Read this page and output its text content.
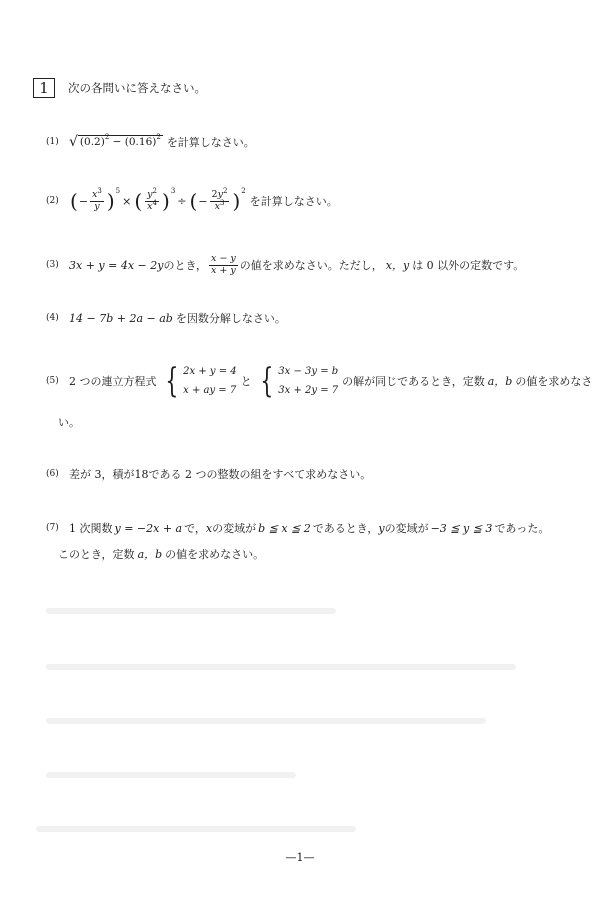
1	次の各問いに答えなさい。
(1) √ $(0.2)^2 - (0.16)^2$ を計算しなさい。
(2) ( − $\frac{x^3}{y}$ ) 5
× ( $\frac{y^2}{x^4}$ ) 3
÷ ( − $\frac{2y^2}{x^3}$ ) 2
を計算しなさい。
(3) 3x + y = 4x − 2y のとき， $\frac{x - y}{x + y}$ の値を求めなさい。ただし， x，y は 0 以外の定数です。
(4) 14 − 7b + 2a − ab を因数分解しなさい。
(5) 2 つの連立方程式 { 2x + y = 4
x + ay = 7
と { 3x − 3y = b
3x + 2y = 7
の解が同じであるとき，定数 a，b の値を求めなさ
い。
(6) 差が 3，積が18である 2 つの整数の組をすべて求めなさい。
(7) 1 次関数 y = −2x + a で， x の変域が b ≦ x ≦ 2 であるとき， y の変域が −3 ≦ y ≦ 3 であった。
このとき，定数 a，b の値を求めなさい。
—1—
